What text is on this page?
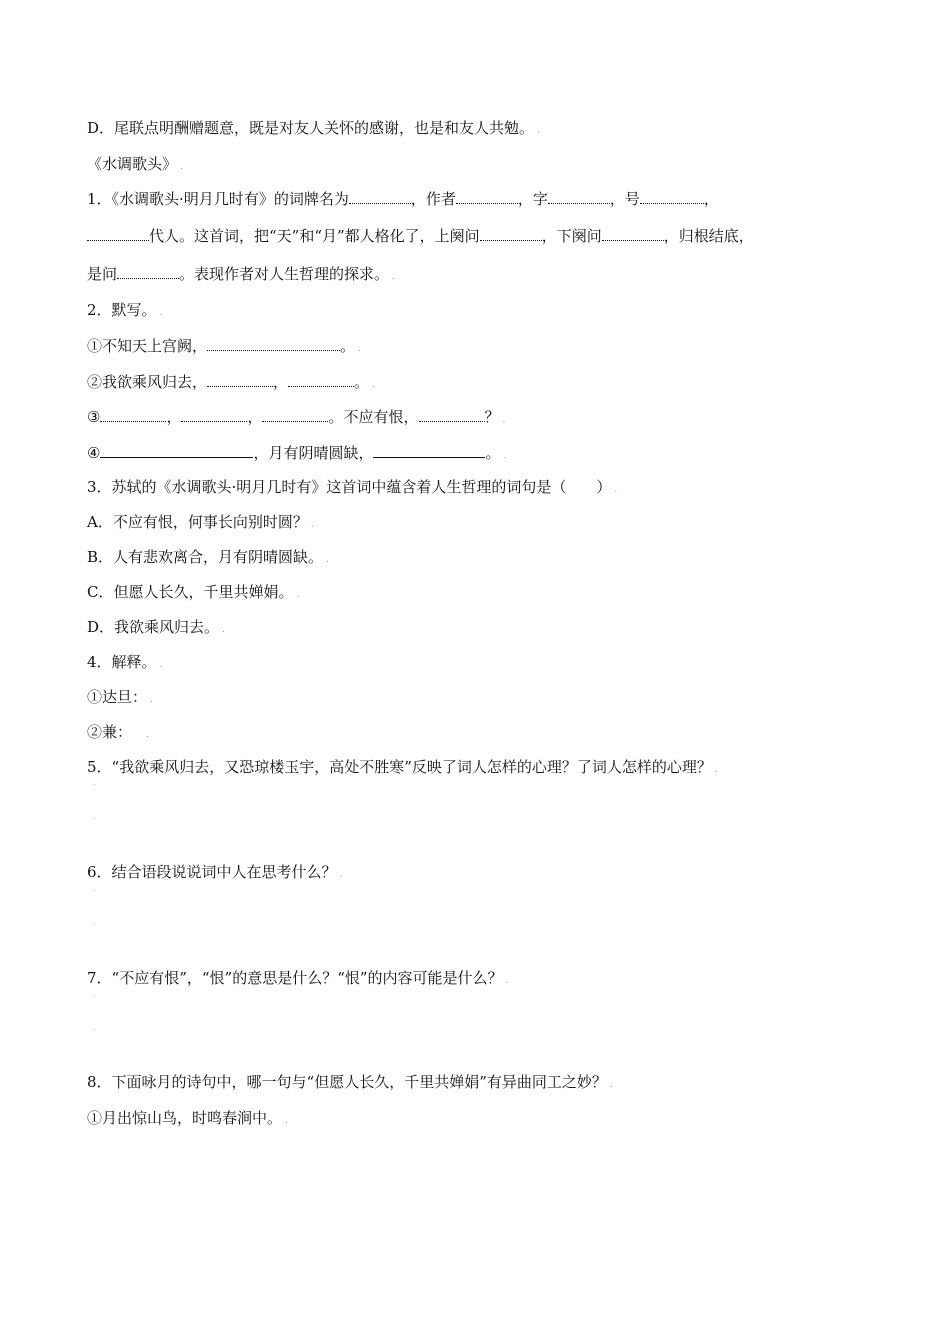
D．尾联点明酬赠题意，既是对友人关怀的感谢，也是和友人共勉。 .
《水调歌头》 .
1．《水调歌头·明月几时有》的词牌名为	，作者	，字	，号	，
代人。这首词，把“天”和“月”都人格化了，上阕问	，下阕问	，归根结底，
是问	。表现作者对人生哲理的探求。 .
2．默写。 .
①不知天上宫阙，	。 .
②我欲乘风归去，	，	。 .
③	，	，	。不应有恨，	？ .
④	，月有阴晴圆缺，	。 .
3．苏轼的《水调歌头·明月几时有》这首词中蕴含着人生哲理的词句是（　　） .
A．不应有恨，何事长向别时圆？ .
B．人有悲欢离合，月有阴晴圆缺。 .
C．但愿人长久，千里共婵娟。 .
D．我欲乘风归去。 .
4．解释。 .
①达旦： .
②兼： .
5．“我欲乘风归去，又恐琼楼玉宇，高处不胜寒”反映了词人怎样的心理？了词人怎样的心理？ .
.
.
6．结合语段说说词中人在思考什么？ .
.
.
7．“不应有恨”，“恨”的意思是什么？“恨”的内容可能是什么？ .
.
.
8．下面咏月的诗句中，哪一句与“但愿人长久，千里共婵娟”有异曲同工之妙？ .
①月出惊山鸟，时鸣春涧中。 .
